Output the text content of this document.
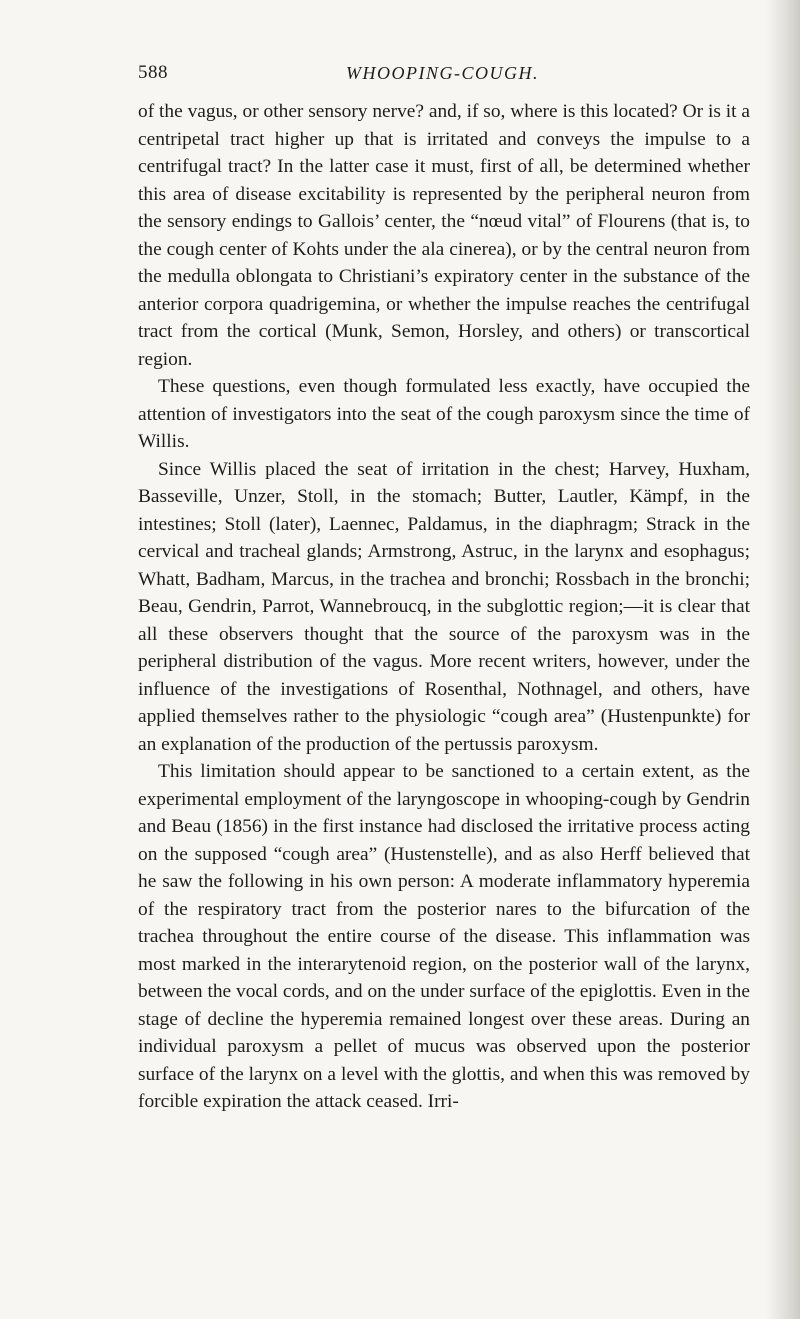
588	WHOOPING-COUGH.

of the vagus, or other sensory nerve? and, if so, where is this located? Or is it a centripetal tract higher up that is irritated and conveys the impulse to a centrifugal tract? In the latter case it must, first of all, be determined whether this area of disease excitability is represented by the peripheral neuron from the sensory endings to Gallois’ center, the “nœud vital” of Flourens (that is, to the cough center of Kohts under the ala cinerea), or by the central neuron from the medulla oblongata to Christiani’s expiratory center in the substance of the anterior corpora quadrigemina, or whether the impulse reaches the centrifugal tract from the cortical (Munk, Semon, Horsley, and others) or transcortical region.

These questions, even though formulated less exactly, have occupied the attention of investigators into the seat of the cough paroxysm since the time of Willis.

Since Willis placed the seat of irritation in the chest; Harvey, Huxham, Basseville, Unzer, Stoll, in the stomach; Butter, Lautler, Kämpf, in the intestines; Stoll (later), Laennec, Paldamus, in the diaphragm; Strack in the cervical and tracheal glands; Armstrong, Astruc, in the larynx and esophagus; Whatt, Badham, Marcus, in the trachea and bronchi; Rossbach in the bronchi; Beau, Gendrin, Parrot, Wannebroucq, in the subglottic region;—it is clear that all these observers thought that the source of the paroxysm was in the peripheral distribution of the vagus. More recent writers, however, under the influence of the investigations of Rosenthal, Nothnagel, and others, have applied themselves rather to the physiologic “cough area” (Hustenpunkte) for an explanation of the production of the pertussis paroxysm.

This limitation should appear to be sanctioned to a certain extent, as the experimental employment of the laryngoscope in whooping-cough by Gendrin and Beau (1856) in the first instance had disclosed the irritative process acting on the supposed “cough area” (Hustenstelle), and as also Herff believed that he saw the following in his own person: A moderate inflammatory hyperemia of the respiratory tract from the posterior nares to the bifurcation of the trachea throughout the entire course of the disease. This inflammation was most marked in the interarytenoid region, on the posterior wall of the larynx, between the vocal cords, and on the under surface of the epiglottis. Even in the stage of decline the hyperemia remained longest over these areas. During an individual paroxysm a pellet of mucus was observed upon the posterior surface of the larynx on a level with the glottis, and when this was removed by forcible expiration the attack ceased. Irri-
